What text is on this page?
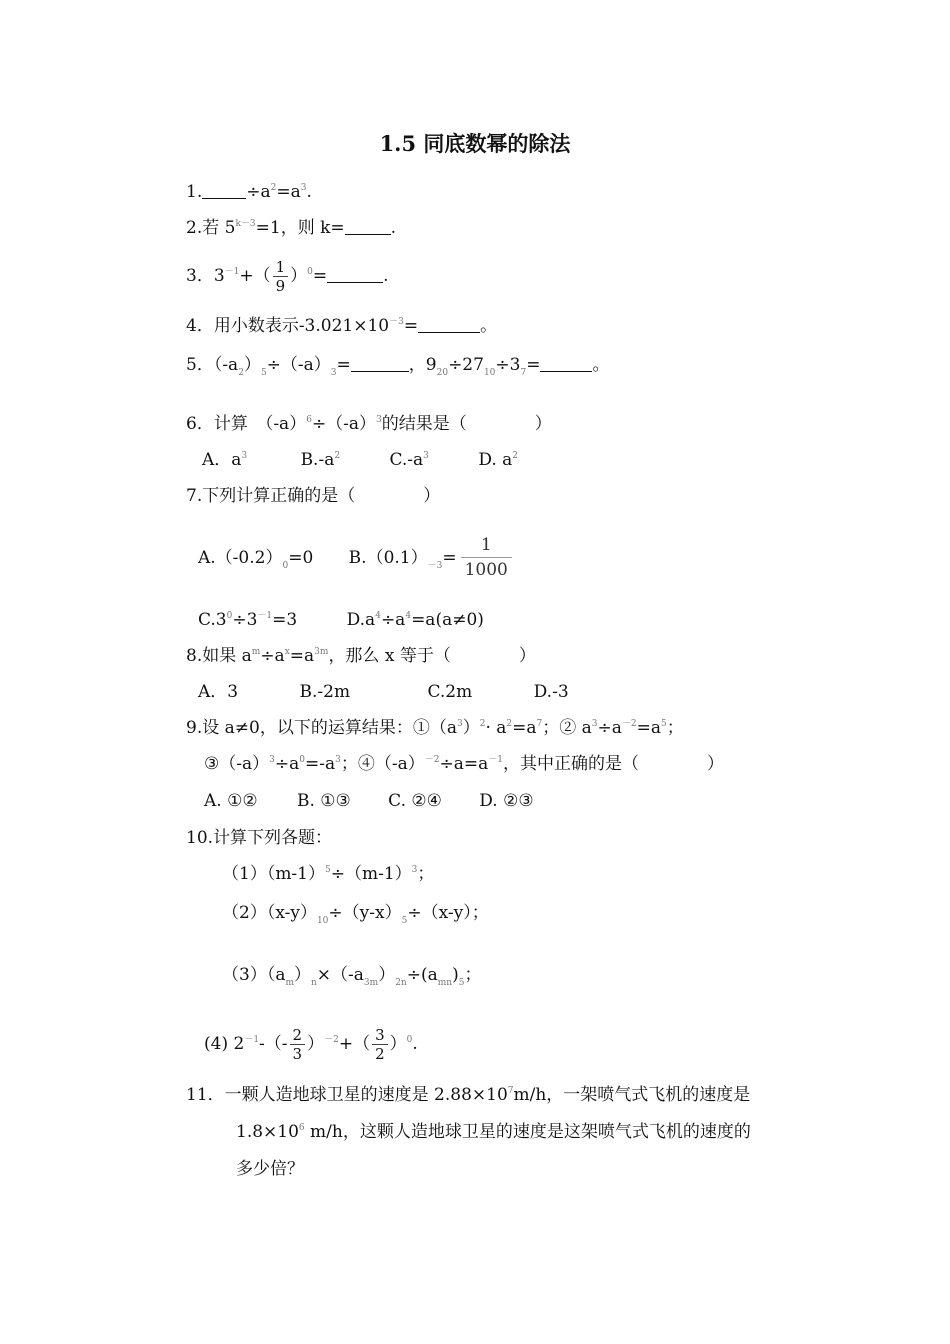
1.5 同底数幂的除法
1.	$\div a^2=a^3$.
2.若 $5^{k-3}=1$，则 k=	.
3．$3^{-1}+( \frac{1}{9} )^0=$	.
4．用小数表示$-3.021\times 10^{-3}=$	。
5．$(-a_2)_5\div(-a)_3=$	，$9_{20}\div 27_{10}\div 3_7=$	。
6．计算　$(-a)^6\div(-a)^3$的结果是（　　　　）
A．$a^3$	$B.-a^2$	$C.-a^3$	D. $a^2$
7.下列计算正确的是（　　　　）
$A.(-0.2)_0=0$ $B.(0.1)_{-3}= \frac{1}{1000}$
$C.3^0\div 3^{-1}=3$	$D.a^4\div a^4=a(a\ne 0)$
8.如果 $a^m\div a^x=a^{3m}$，那么 x 等于（　　　　）
A．3	B.-2m	C.2m	D.-3
9.设 a≠0，以下的运算结果：$①(a^3)^2\cdot a^2=a^7$；② $a^3\div a^{-2}=a^5$；
$③(-a)^3\div a^0=-a^3$；$④(-a)^{-2}\div a=a^{-1}$，其中正确的是（　　　　）
A. ①② B. ①③ C. ②④ D. ②③
10.计算下列各题：
$(1)(m-1)^5\div(m-1)^3$；
$(2)(x-y)_{10}\div(y-x)_5\div(x-y)$；
$(3)(a_m)_n\times(-a_{3m})_{2n}\div(a_{mn})_5$；
(4) $2^{-1}-(- \frac{2}{3} )^{-2}+( \frac{3}{2} )^0$.
11．一颗人造地球卫星的速度是 $2.88\times 10^7m/h$，一架喷气式飞机的速度是
$1.8\times 10^6$ m/h，这颗人造地球卫星的速度是这架喷气式飞机的速度的
多少倍？
